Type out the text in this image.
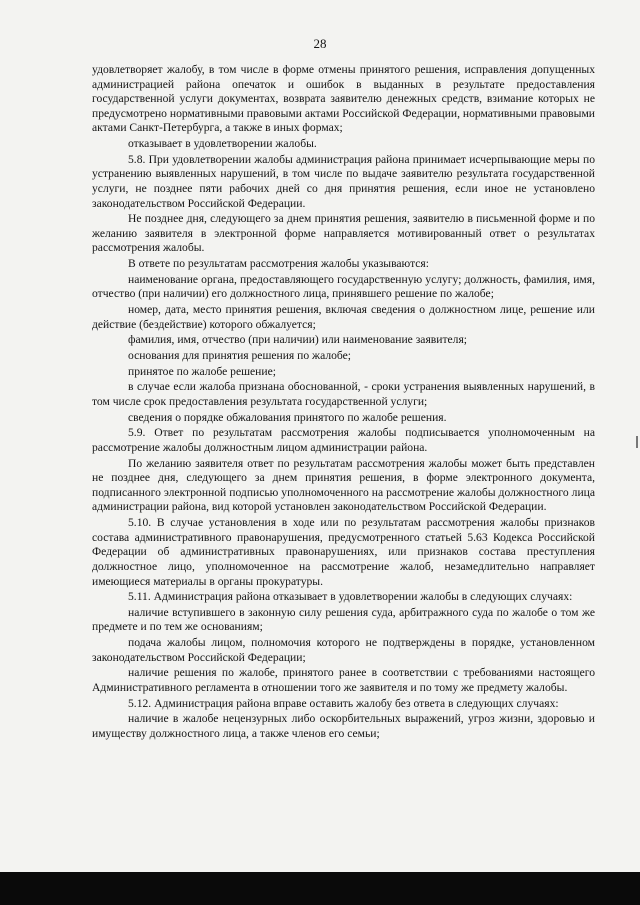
28

удовлетворяет жалобу, в том числе в форме отмены принятого решения, исправления допущенных администрацией района опечаток и ошибок в выданных в результате предоставления государственной услуги документах, возврата заявителю денежных средств, взимание которых не предусмотрено нормативными правовыми актами Российской Федерации, нормативными правовыми актами Санкт-Петербурга, а также в иных формах;

отказывает в удовлетворении жалобы.

5.8. При удовлетворении жалобы администрация района принимает исчерпывающие меры по устранению выявленных нарушений, в том числе по выдаче заявителю результата государственной услуги, не позднее пяти рабочих дней со дня принятия решения, если иное не установлено законодательством Российской Федерации.

Не позднее дня, следующего за днем принятия решения, заявителю в письменной форме и по желанию заявителя в электронной форме направляется мотивированный ответ о результатах рассмотрения жалобы.

В ответе по результатам рассмотрения жалобы указываются:

наименование органа, предоставляющего государственную услугу; должность, фамилия, имя, отчество (при наличии) его должностного лица, принявшего решение по жалобе;

номер, дата, место принятия решения, включая сведения о должностном лице, решение или действие (бездействие) которого обжалуется;

фамилия, имя, отчество (при наличии) или наименование заявителя;

основания для принятия решения по жалобе;

принятое по жалобе решение;

в случае если жалоба признана обоснованной, - сроки устранения выявленных нарушений, в том числе срок предоставления результата государственной услуги;

сведения о порядке обжалования принятого по жалобе решения.

5.9. Ответ по результатам рассмотрения жалобы подписывается уполномоченным на рассмотрение жалобы должностным лицом администрации района.

По желанию заявителя ответ по результатам рассмотрения жалобы может быть представлен не позднее дня, следующего за днем принятия решения, в форме электронного документа, подписанного электронной подписью уполномоченного на рассмотрение жалобы должностного лица администрации района, вид которой установлен законодательством Российской Федерации.

5.10. В случае установления в ходе или по результатам рассмотрения жалобы признаков состава административного правонарушения, предусмотренного статьей 5.63 Кодекса Российской Федерации об административных правонарушениях, или признаков состава преступления должностное лицо, уполномоченное на рассмотрение жалоб, незамедлительно направляет имеющиеся материалы в органы прокуратуры.

5.11. Администрация района отказывает в удовлетворении жалобы в следующих случаях:

наличие вступившего в законную силу решения суда, арбитражного суда по жалобе о том же предмете и по тем же основаниям;

подача жалобы лицом, полномочия которого не подтверждены в порядке, установленном законодательством Российской Федерации;

наличие решения по жалобе, принятого ранее в соответствии с требованиями настоящего Административного регламента в отношении того же заявителя и по тому же предмету жалобы.

5.12. Администрация района вправе оставить жалобу без ответа в следующих случаях:

наличие в жалобе нецензурных либо оскорбительных выражений, угроз жизни, здоровью и имуществу должностного лица, а также членов его семьи;
